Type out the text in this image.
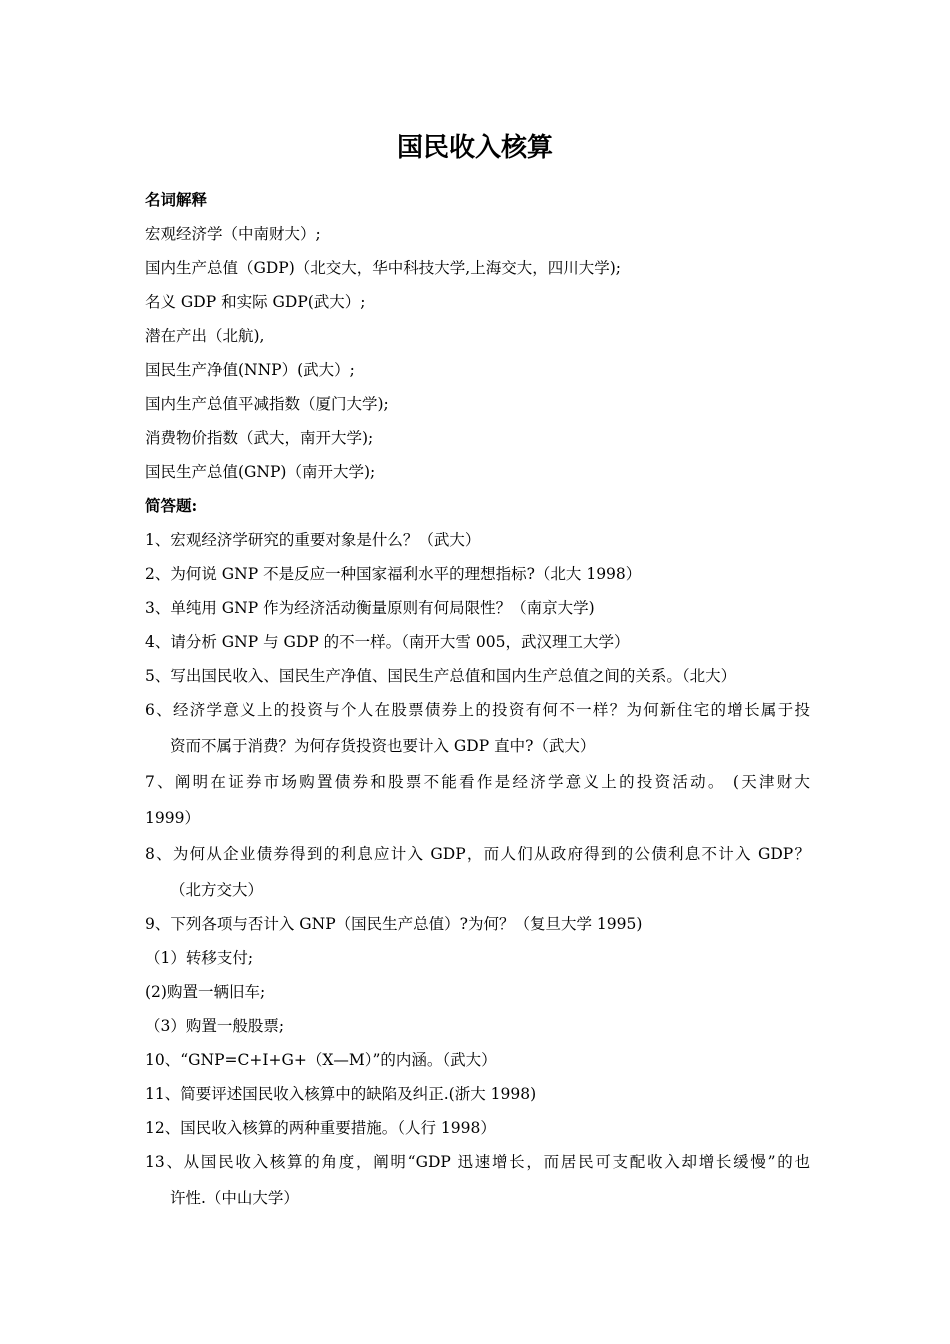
国民收入核算
名词解释
宏观经济学（中南财大）;
国内生产总值（GDP)（北交大，华中科技大学,上海交大，四川大学);
名义 GDP 和实际 GDP(武大）;
潜在产出（北航),
国民生产净值(NNP）(武大）;
国内生产总值平减指数（厦门大学);
消费物价指数（武大，南开大学);
国民生产总值(GNP)（南开大学);
简答题:
1、宏观经济学研究的重要对象是什么？（武大）
2、为何说 GNP 不是反应一种国家福利水平的理想指标?（北大 1998）
3、单纯用 GNP 作为经济活动衡量原则有何局限性？（南京大学)
4、请分析 GNP 与 GDP 的不一样。（南开大雪 005，武汉理工大学）
5、写出国民收入、国民生产净值、国民生产总值和国内生产总值之间的关系。（北大）
6、经济学意义上的投资与个人在股票债券上的投资有何不一样？为何新住宅的增长属于投
资而不属于消费？为何存货投资也要计入 GDP 直中?（武大）
7、阐明在证券市场购置债券和股票不能看作是经济学意义上的投资活动。 (天津财大
1999）
8、为何从企业债券得到的利息应计入 GDP，而人们从政府得到的公债利息不计入 GDP？
（北方交大）
9、下列各项与否计入 GNP（国民生产总值）?为何？（复旦大学 1995)
（1）转移支付;
(2)购置一辆旧车;
（3）购置一般股票;
10、“GNP=C+I+G+（X—M）”的内涵。（武大）
11、简要评述国民收入核算中的缺陷及纠正.(浙大 1998)
12、国民收入核算的两种重要措施。（人行 1998）
13、从国民收入核算的角度，阐明“GDP 迅速增长，而居民可支配收入却增长缓慢”的也
许性.（中山大学）
